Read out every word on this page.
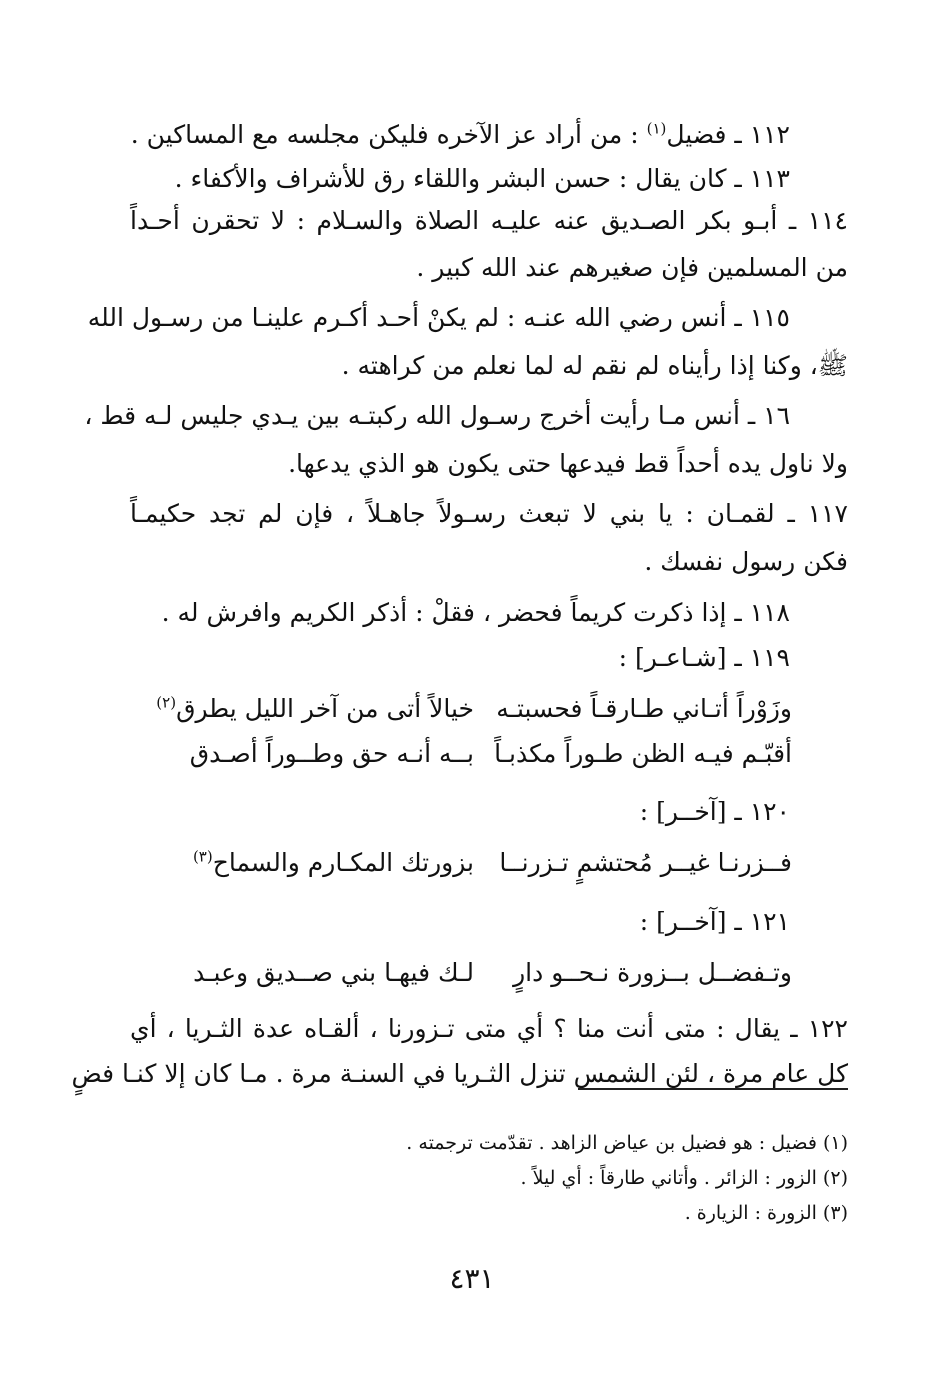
١١٢ ـ فضيل$^{(١)}$ : من أراد عز الآخره فليكن مجلسه مع المساكين .
١١٣ ـ كان يقال : حسن البشر واللقاء رق للأشراف والأكفاء .
١١٤ ـ أبـو بكر الصـديق عنه عليـه الصلاة والسـلام : لا تحقرن أحـداً
من المسلمين فإن صغيرهم عند الله كبير .
١١٥ ـ أنس رضي الله عنـه : لم يكنْ أحـد أكـرم علينـا من رسـول الله
ﷺ، وكنا إذا رأيناه لم نقم له لما نعلم من كراهته .
١٦ ـ أنس مـا رأيت أخرج رسـول الله ركبتـه بين يـدي جليس لـه قط ،
ولا ناول يده أحداً قط فيدعها حتى يكون هو الذي يدعها.
١١٧ ـ لقمـان : يا بني لا تبعث رسـولاً جاهـلاً ، فإن لم تجد حكيمـاً
فكن رسول نفسك .
١١٨ ـ إذا ذكرت كريماً فحضر ، فقلْ : أذكر الكريم وافرش له .
١١٩ ـ [شـاعـر] :
وزَوْراً أتـاني طـارقـاً فحسبتـه
خيالاً أتى من آخر الليل يطرق$^{(٢)}$
أقبّـم فيـه الظن طـوراً مكذبـاً
بــه أنـه حق وطــوراً أصـدق
١٢٠ ـ [آخــر] :
فــزرنـا غيــر مُحتشمٍ تـزرنــا
بزورتك المكـارم والسماح$^{(٣)}$
١٢١ ـ [آخــر] :
وتـفضــل بــزورة نـحــو دارٍ
لـك فيهـا بني صــديق وعبـد
١٢٢ ـ يقال : متى أنت منا ؟ أي متى تـزورنا ، ألقـاه عدة الثـريا ، أي
كل عام مرة ، لئن الشمس تنزل الثـريا في السنـة مرة . مـا كان إلا كنـا فضٍ
(١) فضيل : هو فضيل بن عياض الزاهد . تقدّمت ترجمته .
(٢) الزور : الزائر . وأتاني طارقاً : أي ليلاً .
(٣) الزورة : الزيارة .
٤٣١
